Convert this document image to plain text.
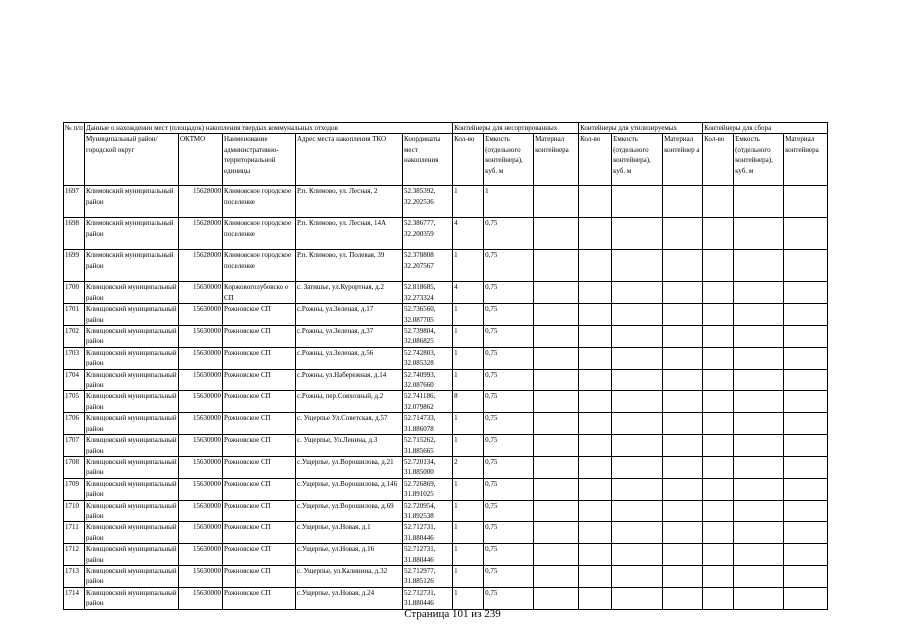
№ п/п	Данные о нахождении мест (площадок) накопления твердых коммунальных отходов					Контейнеры для несортированных			Контейнеры для утилизируемых			Контейнеры для сбора		
	Муниципальный район/городской округ	ОКТМО	Наименование административно-территориальной единицы	Адрес места накопления ТКО	Координаты мест накопления	Кол-во	Емкость (отдельного контейнера), куб. м	Материал контейнера	Кол-во	Емкость (отдельного контейнера), куб. м	Материал контейнер а	Кол-во	Емкость (отдельного контейнера), куб. м	Материал контейнера
1697	Климовский муниципальный район	15628000	Климовское городское поселение	Р.п. Климово, ул. Лесная, 2	52.385392, 32.202536	1	1							
1698	Климовский муниципальный район	15628000	Климовское городское поселение	Р.п. Климово, ул. Лесная, 14А	52.386777, 32.200359	4	0,75							
1699	Климовский муниципальный район	15628000	Климовское городское поселение	Р.п. Климово, ул. Полевая, 39	52.378808 32.207567	1	0,75							
1700	Клинцовский муниципальный район	15630000	Коржовоголубовско е СП	с. Затишье, ул.Курортная, д.2	52.818685, 32.273324	4	0,75							
1701	Клинцовский муниципальный район	15630000	Рожновское СП	с.Рожны, ул.Зеленая, д.17	52.736560, 32.087705	1	0,75							
1702	Клинцовский муниципальный район	15630000	Рожновское СП	с.Рожны, ул.Зеленая, д.37	52.739804, 32.086825	1	0,75							
1703	Клинцовский муниципальный район	15630000	Рожновское СП	с.Рожны, ул.Зеленая, д.56	52.742803, 32.085328	1	0,75							
1704	Клинцовский муниципальный район	15630000	Рожновское СП	с.Рожны, ул.Набережная, д.14	52.740993, 32.087660	1	0,75							
1705	Клинцовский муниципальный район	15630000	Рожновское СП	с.Рожны, пер.Совхозный, д.2	52.741186, 32.079862	8	0,75							
1706	Клинцовский муниципальный район	15630000	Рожновское СП	с. Ущерпье Ул.Советская, д.57	52.714733, 31.886078	1	0,75							
1707	Клинцовский муниципальный район	15630000	Рожновское СП	с. Ущерпье, Ул.Ленина, д.3	52.715262, 31.885665	1	0,75							
1708	Клинцовский муниципальный район	15630000	Рожновское СП	с.Ущерпье, ул.Ворошилова, д.21	52.720134, 31.885000	2	0,75							
1709	Клинцовский муниципальный район	15630000	Рожновское СП	с.Ущерпье, ул.Ворошилова, д.146	52.726869, 31.891025	1	0,75							
1710	Клинцовский муниципальный район	15630000	Рожновское СП	с.Ущерпье, ул.Ворошилова, д.69	52.720954, 31.892538	1	0,75							
1711	Клинцовский муниципальный район	15630000	Рожновское СП	с.Ущерпье, ул.Новая, д.1	52.712731, 31.880446	1	0,75							
1712	Клинцовский муниципальный район	15630000	Рожновское СП	с.Ущерпье, ул.Новая, д.16	52.712731, 31.880446	1	0,75							
1713	Клинцовский муниципальный район	15630000	Рожновское СП	с. Ущерпье, ул.Калинина, д.32	52.712977, 31.885126	1	0,75							
1714	Клинцовский муниципальный район	15630000	Рожновское СП	с.Ущерпье, ул.Новая, д.24	52.712731, 31.880446	1	0,75							
Страница 101 из 239
